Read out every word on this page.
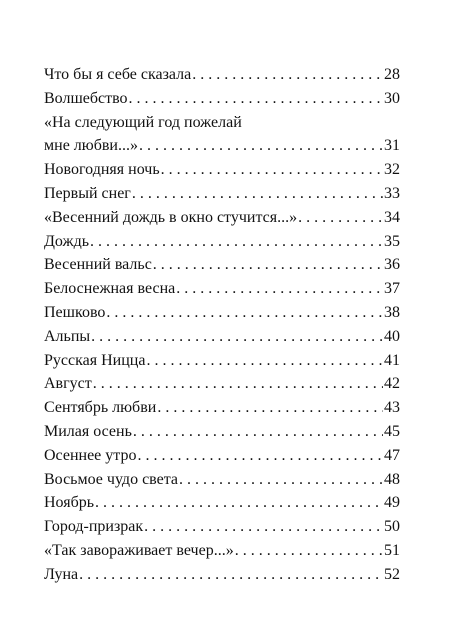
Что бы я себе сказала . . .	28
Волшебство . . .	30
«На следующий год пожелай
мне любви...» . . .	31
Новогодняя ночь . . .	32
Первый снег . . .	33
«Весенний дождь в окно стучится...» . . .	34
Дождь . . .	35
Весенний вальс . . .	36
Белоснежная весна . . .	37
Пешково . . .	38
Альпы . . .	40
Русская Ницца . . .	41
Август . . .	42
Сентябрь любви . . .	43
Милая осень . . .	45
Осеннее утро . . .	47
Восьмое чудо света . . .	48
Ноябрь . . .	49
Город-призрак . . .	50
«Так завораживает вечер...» . . .	51
Луна . . .	52
